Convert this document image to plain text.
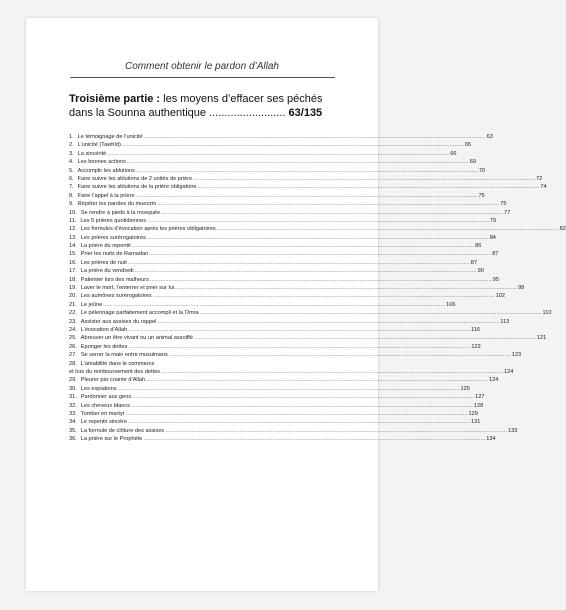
Comment obtenir le pardon d’Allah
Troisième partie : les moyens d’effacer ses péchés dans la Sounna authentique ......................... 63/135
1. Le témoignage de l’unicité ............................................................................................................................................................................................................................ 63
2. L’unicité (Tawhîd) ............................................................................................................................................................................................................................ 65
3. La sincérité ............................................................................................................................................................................................................................ 66
4. Les bonnes actions ............................................................................................................................................................................................................................ 69
5. Accomplir les ablutions ............................................................................................................................................................................................................................ 70
6. Faire suivre les ablutions de 2 unités de prière ............................................................................................................................................................................................................................ 72
7. Faire suivre les ablutions de la prière obligatoire ............................................................................................................................................................................................................................ 74
8. Faire l’appel à la prière ............................................................................................................................................................................................................................ 75
9. Répéter les paroles du muezzin ............................................................................................................................................................................................................................ 75
10. Se rendre à pieds à la mosquée ............................................................................................................................................................................................................................ 77
11. Les 5 prières quotidiennes ............................................................................................................................................................................................................................ 79
12. Les formules d’évocation après les prières obligatoires ............................................................................................................................................................................................................................ 82
13. Les prières surérogatoires ............................................................................................................................................................................................................................ 84
14. La prière du repentir ............................................................................................................................................................................................................................ 86
15. Prier les nuits de Ramadan ............................................................................................................................................................................................................................ 87
16. Les prières de nuit ............................................................................................................................................................................................................................ 87
17. La prière du vendredi ............................................................................................................................................................................................................................ 90
18. Patienter lors des malheurs ............................................................................................................................................................................................................................ 95
19. Laver le mort, l’enterrer et prier sur lui ............................................................................................................................................................................................................................ 98
20. Les aumônes surérogatoires ............................................................................................................................................................................................................................ 102
21. Le jeûne ............................................................................................................................................................................................................................ 106
22. Le pèlerinage parfaitement accompli et la Omra ............................................................................................................................................................................................................................ 110
23. Assister aux assises du rappel ............................................................................................................................................................................................................................ 113
24. L’évocation d’Allah ............................................................................................................................................................................................................................ 116
25. Abreuver un être vivant ou un animal assoiffé ............................................................................................................................................................................................................................ 121
26. Eponger les dettes ............................................................................................................................................................................................................................ 122
27. Se serrer la main entre musulmans ............................................................................................................................................................................................................................ 123
28. L’amabilité dans le commerce
et lors du remboursement des dettes ............................................................................................................................................................................................................................ 124
29. Pleurer par crainte d’Allah ............................................................................................................................................................................................................................ 124
30. Les expiations ............................................................................................................................................................................................................................ 125
31. Pardonner aux gens ............................................................................................................................................................................................................................ 127
32. Les cheveux blancs ............................................................................................................................................................................................................................ 128
33. Tomber en martyr ............................................................................................................................................................................................................................ 129
34. Le repentir sincère ............................................................................................................................................................................................................................ 131
35. La formule de clôture des assises ............................................................................................................................................................................................................................ 133
36. La prière sur le Prophète ............................................................................................................................................................................................................................ 134
